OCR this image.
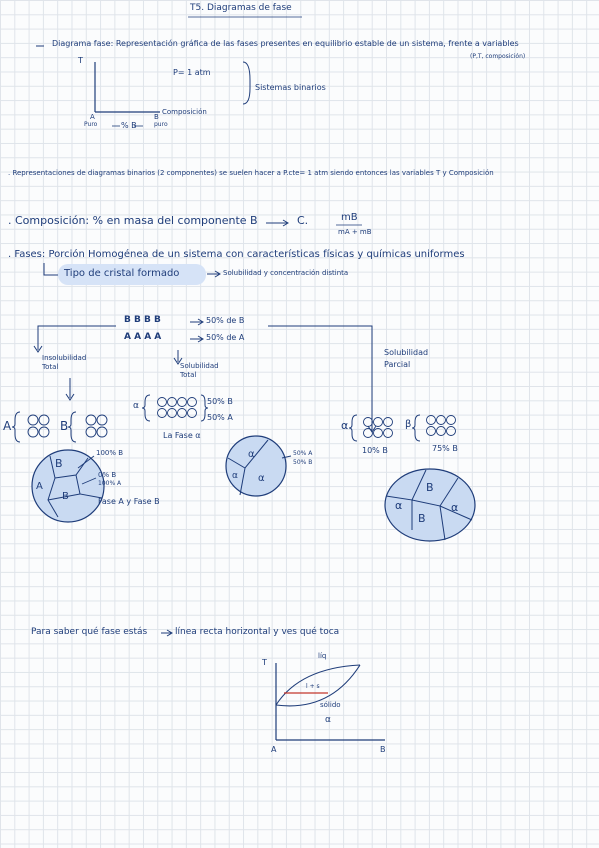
T5. Diagramas de fase
Diagrama fase: Representación gráfica de las fases presentes en equilibrio estable de un sistema, frente a variables
(P,T, composición)
T
P= 1 atm
Sistemas binarios
A
Puro	% B
B
puro
Composición
. Representaciones de diagramas binarios (2 componentes) se suelen hacer a P.cte= 1 atm siendo entonces las variables T y Composición
. Composición: % en masa del componente B	C.	mB
mA + mB
. Fases: Porción Homogénea de un sistema con características físicas y químicas uniformes
Tipo de cristal formado	Solubilidad y concentración distinta
B B B B	50% de B
A A A A	50% de A
Insolubilidad Total
A	B
100% B
0% B
100% A
B
A
B	Fase A y Fase B
Solubilidad Total
α	50% B
50% A
La Fase α
α
α α
50% A
50% B
Solubilidad Parcial
α	β
10% B	75% B
B
α	α
B
Para saber qué fase estás	línea recta horizontal y ves qué toca
T
líq
l + s
sólido
α
A	B
